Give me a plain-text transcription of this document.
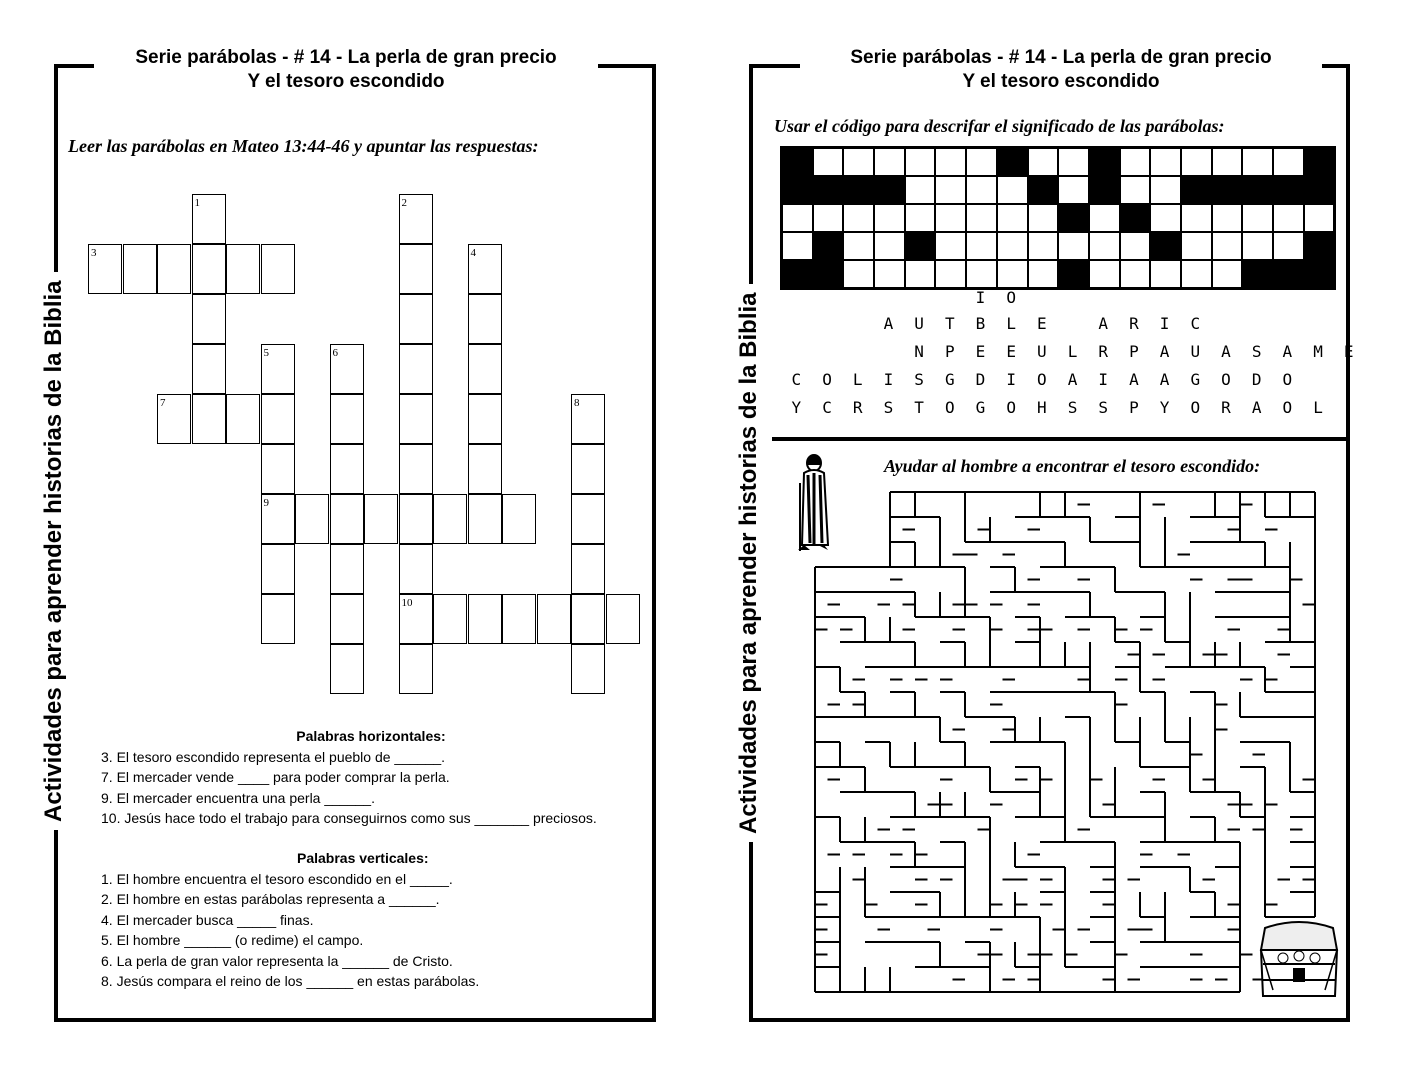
Serie parábolas - # 14 - La perla de gran precio
Y el tesoro escondido
Actividades para aprender historias de la Biblia
Leer las parábolas en Mateo 13:44-46 y apuntar las respuestas:
1	2
10
3	4
5
9
6
7	8
Palabras horizontales:
3. El tesoro escondido representa el pueblo de ______.
7. El mercader vende ____ para poder comprar la perla.
9. El mercader encuentra una perla ______.
10. Jesús hace todo el trabajo para conseguirnos como sus _______ preciosos.
Palabras verticales:
1. El hombre encuentra el tesoro escondido en el _____.
2. El hombre en estas parábolas representa a ______.
4. El mercader busca _____ finas.
5. El hombre ______ (o redime) el campo.
6. La perla de gran valor representa la ______ de Cristo.
8. Jesús compara el reino de los ______ en estas parábolas.
Serie parábolas - # 14 - La perla de gran precio
Y el tesoro escondido
Actividades para aprender historias de la Biblia
Usar el código para descrifar el significado de las parábolas:
I O
A U T B L E	A R I C
N P E E U L R P A U A S A M E
C O L I S G D I O A I A A G O D O
Y C R S T O G O H S S P Y O R A O L
Ayudar al hombre a encontrar el tesoro escondido:
